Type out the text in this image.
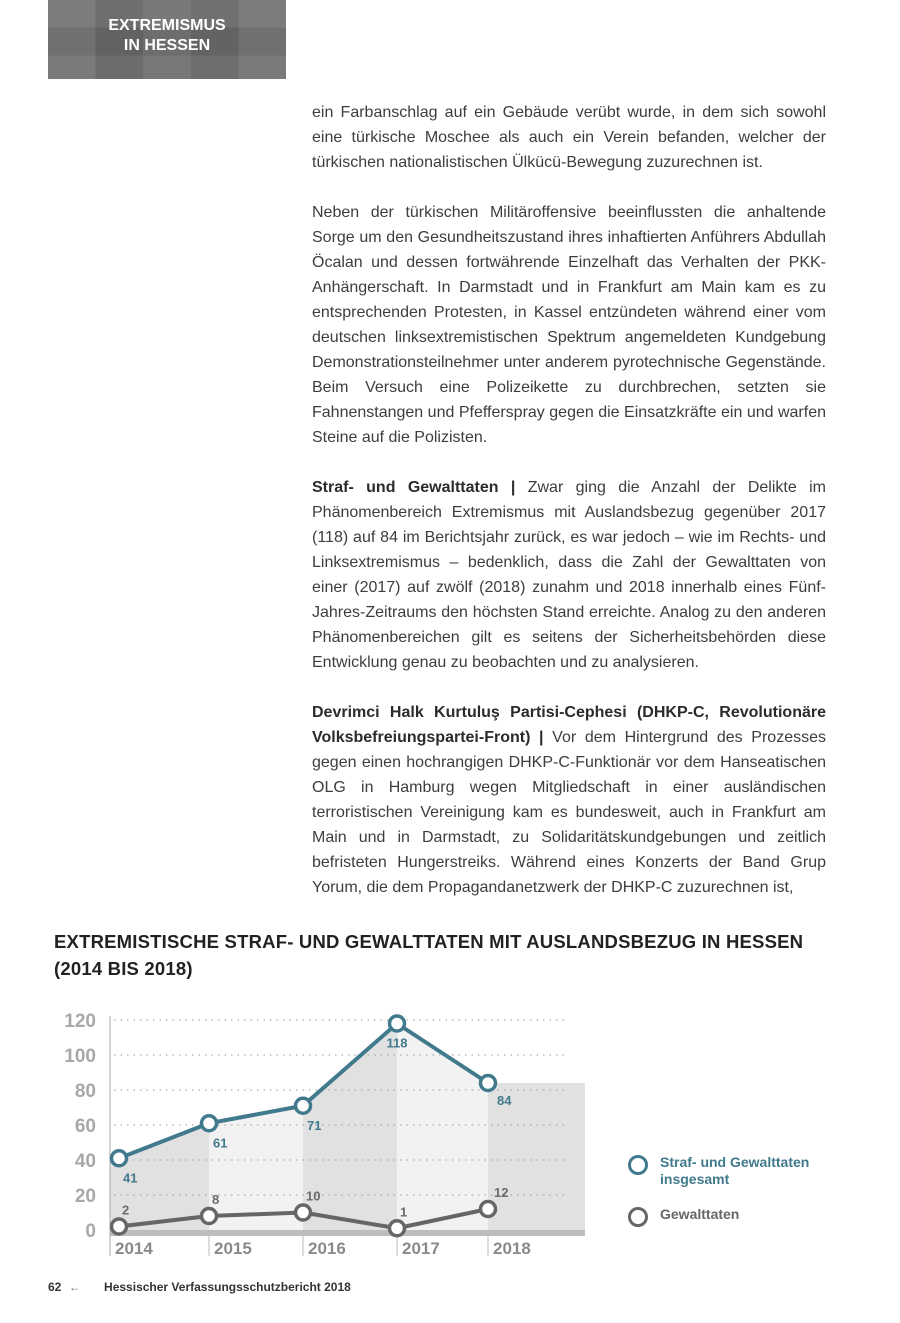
EXTREMISMUS
IN HESSEN

ein Farbanschlag auf ein Gebäude verübt wurde, in dem sich sowohl eine türkische Moschee als auch ein Verein befanden, welcher der türkischen nationalistischen Ülkücü-Bewegung zuzurechnen ist.

Neben der türkischen Militäroffensive beeinflussten die anhaltende Sorge um den Gesundheitszustand ihres inhaftierten Anführers Abdullah Öcalan und dessen fortwährende Einzelhaft das Verhalten der PKK-Anhängerschaft. In Darmstadt und in Frankfurt am Main kam es zu entsprechenden Protesten, in Kassel entzündeten während einer vom deutschen linksextremistischen Spektrum angemeldeten Kundgebung Demonstrationsteilnehmer unter anderem pyrotechnische Gegenstände. Beim Versuch eine Polizeikette zu durchbrechen, setzten sie Fahnenstangen und Pfefferspray gegen die Einsatzkräfte ein und warfen Steine auf die Polizisten.

Straf- und Gewalttaten | Zwar ging die Anzahl der Delikte im Phänomenbereich Extremismus mit Auslandsbezug gegenüber 2017 (118) auf 84 im Berichtsjahr zurück, es war jedoch – wie im Rechts- und Linksextremismus – bedenklich, dass die Zahl der Gewalttaten von einer (2017) auf zwölf (2018) zunahm und 2018 innerhalb eines Fünf-Jahres-Zeitraums den höchsten Stand erreichte. Analog zu den anderen Phänomenbereichen gilt es seitens der Sicherheitsbehörden diese Entwicklung genau zu beobachten und zu analysieren.

Devrimci Halk Kurtuluş Partisi-Cephesi (DHKP-C, Revolutionäre Volksbefreiungspartei-Front) | Vor dem Hintergrund des Prozesses gegen einen hochrangigen DHKP-C-Funktionär vor dem Hanseatischen OLG in Hamburg wegen Mitgliedschaft in einer ausländischen terroristischen Vereinigung kam es bundesweit, auch in Frankfurt am Main und in Darmstadt, zu Solidaritätskundgebungen und zeitlich befristeten Hungerstreiks. Während eines Konzerts der Band Grup Yorum, die dem Propagandanetzwerk der DHKP-C zuzurechnen ist,

EXTREMISTISCHE STRAF- UND GEWALTTATEN MIT AUSLANDSBEZUG IN HESSEN (2014 BIS 2018)
0
20
40
60
80
100
120
2014	2015	2016	2017	2018
41
61
71
118
84
2
8	10
1
12
Straf- und Gewalttaten insgesamt
Gewalttaten
62 ← Hessischer Verfassungsschutzbericht 2018
